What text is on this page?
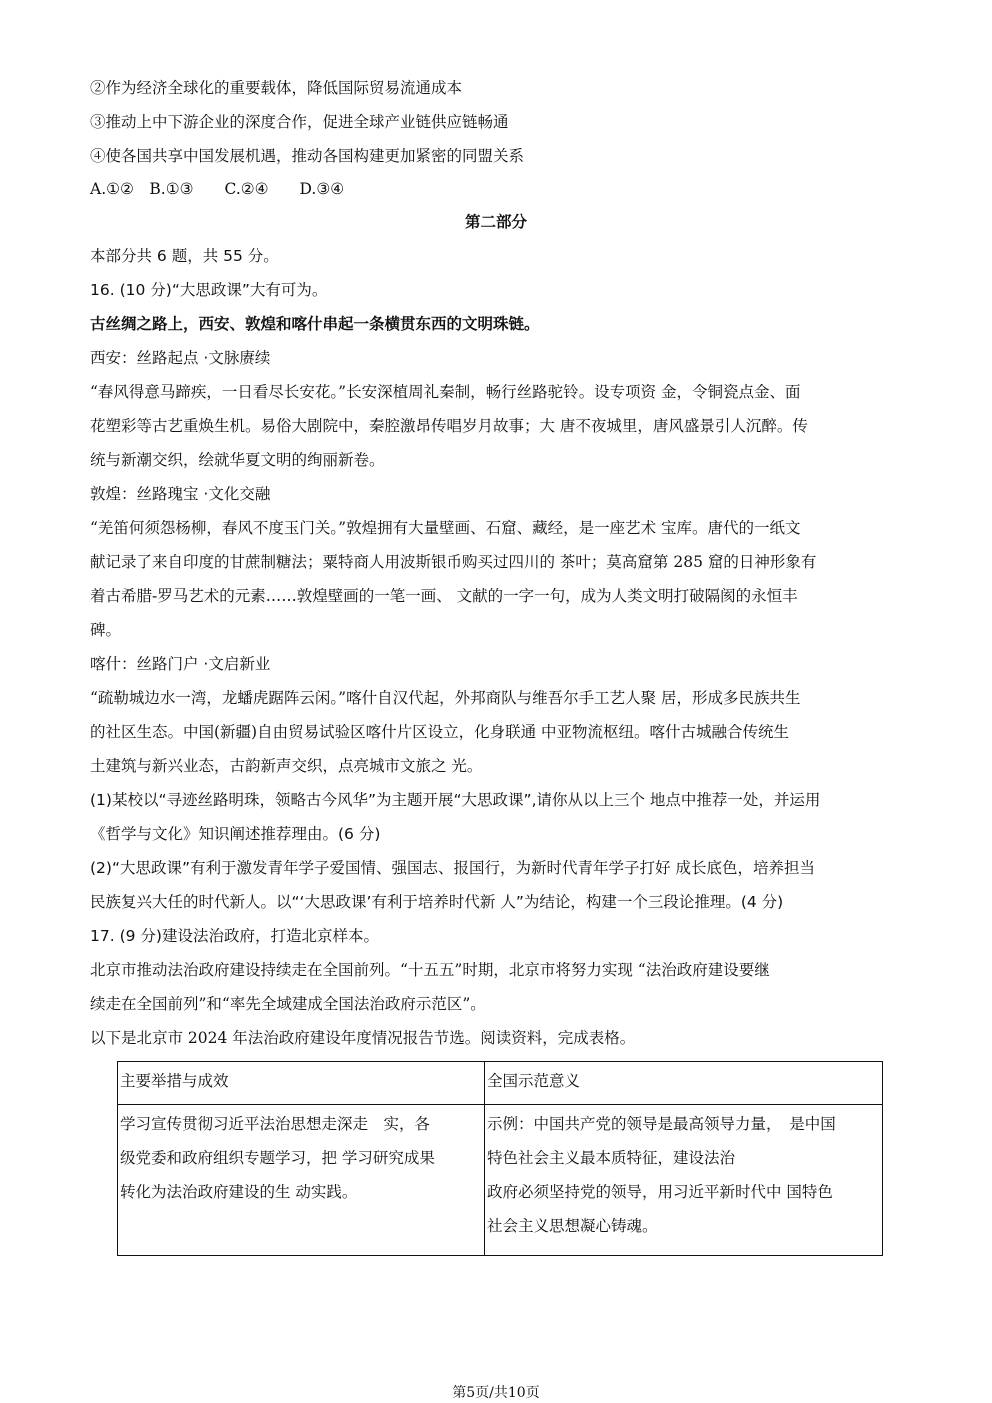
②作为经济全球化的重要载体，降低国际贸易流通成本
③推动上中下游企业的深度合作，促进全球产业链供应链畅通
④使各国共享中国发展机遇，推动各国构建更加紧密的同盟关系
A.①②　B.①③　　C.②④　　D.③④
第二部分
本部分共 6 题，共 55 分。
16. (10 分)“大思政课”大有可为。
古丝绸之路上，西安、敦煌和喀什串起一条横贯东西的文明珠链。
西安：丝路起点 ·文脉赓续
“春风得意马蹄疾，一日看尽长安花。”长安深植周礼秦制，畅行丝路驼铃。设专项资 金，令铜瓷点金、面
花塑彩等古艺重焕生机。易俗大剧院中，秦腔激昂传唱岁月故事；大 唐不夜城里，唐风盛景引人沉醉。传
统与新潮交织，绘就华夏文明的绚丽新卷。
敦煌：丝路瑰宝 ·文化交融
“羌笛何须怨杨柳，春风不度玉门关。”敦煌拥有大量壁画、石窟、藏经，是一座艺术 宝库。唐代的一纸文
献记录了来自印度的甘蔗制糖法；粟特商人用波斯银币购买过四川的 茶叶；莫高窟第 285 窟的日神形象有
着古希腊-罗马艺术的元素……敦煌壁画的一笔一画、 文献的一字一句，成为人类文明打破隔阂的永恒丰
碑。
喀什：丝路门户 ·文启新业
“疏勒城边水一湾，龙蟠虎踞阵云闲。”喀什自汉代起，外邦商队与维吾尔手工艺人聚 居，形成多民族共生
的社区生态。中国(新疆)自由贸易试验区喀什片区设立，化身联通 中亚物流枢纽。喀什古城融合传统生
土建筑与新兴业态，古韵新声交织，点亮城市文旅之 光。
(1)某校以“寻迹丝路明珠，领略古今风华”为主题开展“大思政课”,请你从以上三个 地点中推荐一处，并运用
《哲学与文化》知识阐述推荐理由。(6 分)
(2)“大思政课”有利于激发青年学子爱国情、强国志、报国行，为新时代青年学子打好 成长底色，培养担当
民族复兴大任的时代新人。以“‘大思政课’有利于培养时代新 人”为结论，构建一个三段论推理。(4 分)
17. (9 分)建设法治政府，打造北京样本。
北京市推动法治政府建设持续走在全国前列。“十五五”时期，北京市将努力实现 “法治政府建设要继
续走在全国前列”和“率先全域建成全国法治政府示范区”。
以下是北京市 2024 年法治政府建设年度情况报告节选。阅读资料，完成表格。
主要举措与成效	全国示范意义

学习宣传贯彻习近平法治思想走深走　实，各
级党委和政府组织专题学习，把 学习研究成果
转化为法治政府建设的生 动实践。	示例：中国共产党的领导是最高领导力量，　是中国
特色社会主义最本质特征，建设法治
政府必须坚持党的领导，用习近平新时代中 国特色
社会主义思想凝心铸魂。
第5页/共10页
